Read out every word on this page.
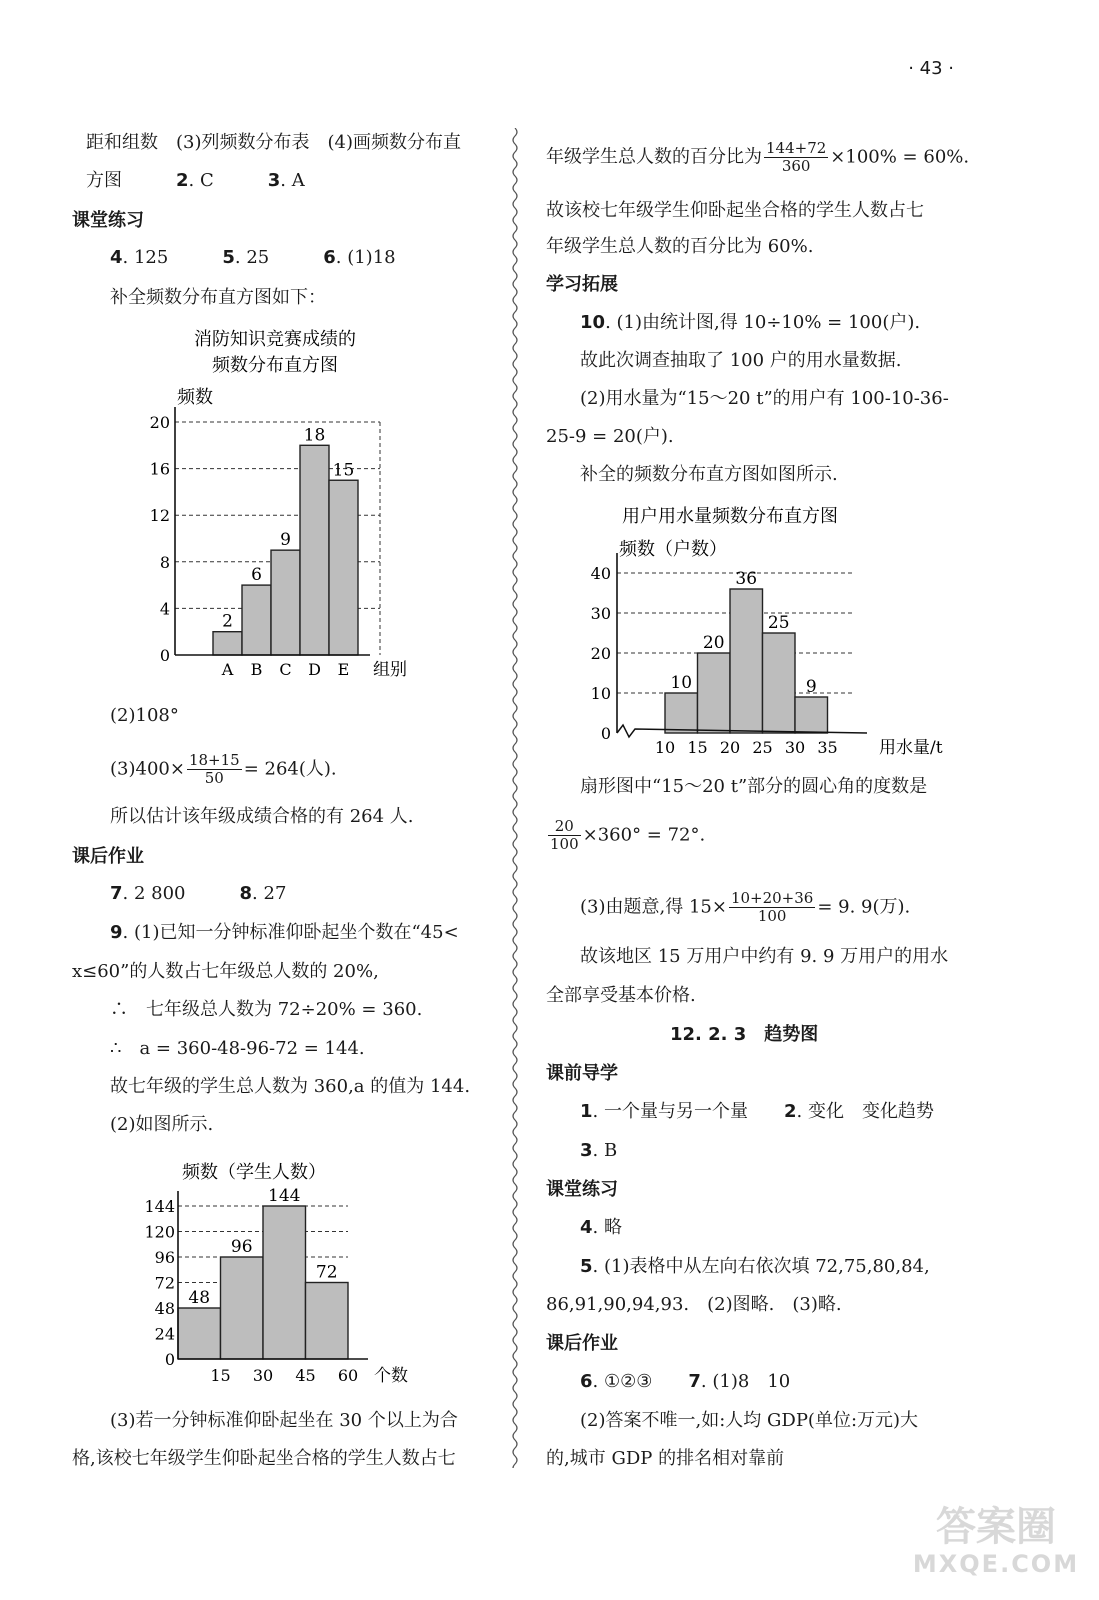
· 43 ·
距和组数　(3)列频数分布表　(4)画频数分布直
方图　　　	2. C　　　	3. A
课堂练习
4. 125　　　	5. 25　　　	6. (1)18
补全频数分布直方图如下：
消防知识竞赛成绩的
频数分布直方图
频数
0
4
8
12
16
20
2
A
6
B
9
C
18
D
15
E 组别
(2)108°
$(3)400\times \frac{18+15}{50} = 264$(人).
所以估计该年级成绩合格的有 264 人.
课后作业
7. 2 800　　　	8. 27
9. (1)已知一分钟标准仰卧起坐个数在“45<
x≤60”的人数占七年级总人数的 20%,
∴　七年级总人数为 72÷20% = 360.
∴　a = 360-48-96-72 = 144.
故七年级的学生总人数为 360,a 的值为 144.
(2)如图所示.
频数（学生人数）
0
24
48
72
96
120
144
48
96
144
72
15 30 45 60 个数
(3)若一分钟标准仰卧起坐在 30 个以上为合
格,该校七年级学生仰卧起坐合格的学生人数占七
年级学生总人数的百分比为 $\frac{144+72}{360} \times 100\% = 60\%$.
故该校七年级学生仰卧起坐合格的学生人数占七
年级学生总人数的百分比为 60%.
学习拓展
10. (1)由统计图,得 10÷10% = 100(户).
故此次调查抽取了 100 户的用水量数据.
(2)用水量为“15～20 t”的用户有 100-10-36-
25-9 = 20(户).
补全的频数分布直方图如图所示.
用户用水量频数分布直方图
频数（户数）
0
10
20
30
40
10
20
36
25
9
10 15 20 25 30 35 用水量/t
扇形图中“15～20 t”部分的圆心角的度数是
$\frac{20}{100} \times 360^\circ = 72^\circ$.
(3)由题意,得 $15\times \frac{10+20+36}{100} = 9$. 9(万).
故该地区 15 万用户中约有 9. 9 万用户的用水
全部享受基本价格.
12. 2. 3　趋势图
课前导学
1. 一个量与另一个量　　 2. 变化　变化趋势
3. B
课堂练习
4. 略
5. (1)表格中从左向右依次填 72,75,80,84,
86,91,90,94,93.　(2)图略.　(3)略.
课后作业
6. ①②③　　 7. (1)8　10
(2)答案不唯一,如:人均 GDP(单位:万元)大
的,城市 GDP 的排名相对靠前
答案圈
MXQE.COM
